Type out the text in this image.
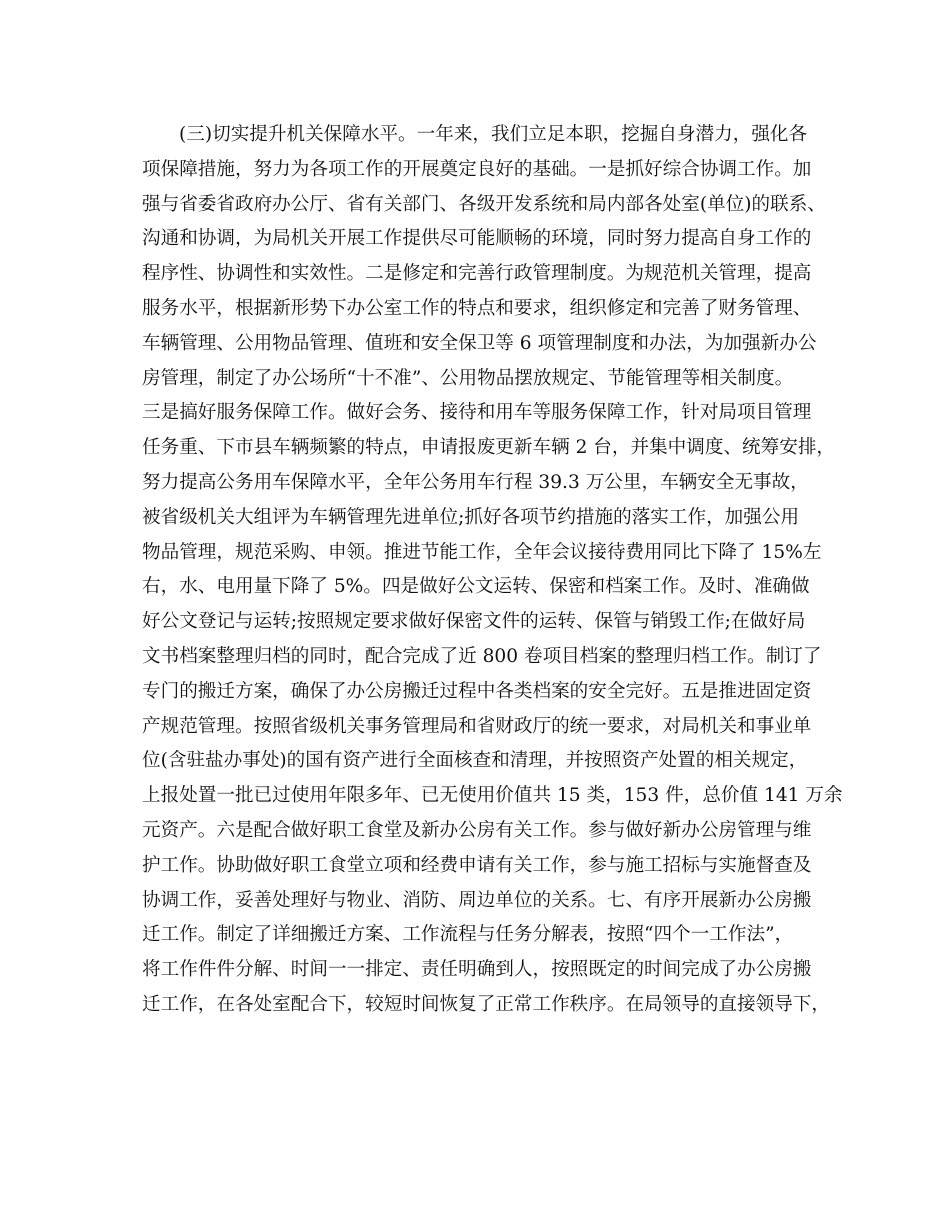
(三)切实提升机关保障水平。一年来，我们立足本职，挖掘自身潜力，强化各
项保障措施，努力为各项工作的开展奠定良好的基础。一是抓好综合协调工作。加
强与省委省政府办公厅、省有关部门、各级开发系统和局内部各处室(单位)的联系、
沟通和协调，为局机关开展工作提供尽可能顺畅的环境，同时努力提高自身工作的
程序性、协调性和实效性。二是修定和完善行政管理制度。为规范机关管理，提高
服务水平，根据新形势下办公室工作的特点和要求，组织修定和完善了财务管理、
车辆管理、公用物品管理、值班和安全保卫等 6 项管理制度和办法，为加强新办公
房管理，制定了办公场所“十不准”、公用物品摆放规定、节能管理等相关制度。
三是搞好服务保障工作。做好会务、接待和用车等服务保障工作，针对局项目管理
任务重、下市县车辆频繁的特点，申请报废更新车辆 2 台，并集中调度、统筹安排，
努力提高公务用车保障水平，全年公务用车行程 39.3 万公里，车辆安全无事故，
被省级机关大组评为车辆管理先进单位;抓好各项节约措施的落实工作，加强公用
物品管理，规范采购、申领。推进节能工作，全年会议接待费用同比下降了 15%左
右，水、电用量下降了 5%。四是做好公文运转、保密和档案工作。及时、准确做
好公文登记与运转;按照规定要求做好保密文件的运转、保管与销毁工作;在做好局
文书档案整理归档的同时，配合完成了近 800 卷项目档案的整理归档工作。制订了
专门的搬迁方案，确保了办公房搬迁过程中各类档案的安全完好。五是推进固定资
产规范管理。按照省级机关事务管理局和省财政厅的统一要求，对局机关和事业单
位(含驻盐办事处)的国有资产进行全面核查和清理，并按照资产处置的相关规定，
上报处置一批已过使用年限多年、已无使用价值共 15 类，153 件，总价值 141 万余
元资产。六是配合做好职工食堂及新办公房有关工作。参与做好新办公房管理与维
护工作。协助做好职工食堂立项和经费申请有关工作，参与施工招标与实施督查及
协调工作，妥善处理好与物业、消防、周边单位的关系。七、有序开展新办公房搬
迁工作。制定了详细搬迁方案、工作流程与任务分解表，按照“四个一工作法”，
将工作件件分解、时间一一排定、责任明确到人，按照既定的时间完成了办公房搬
迁工作，在各处室配合下，较短时间恢复了正常工作秩序。在局领导的直接领导下，
